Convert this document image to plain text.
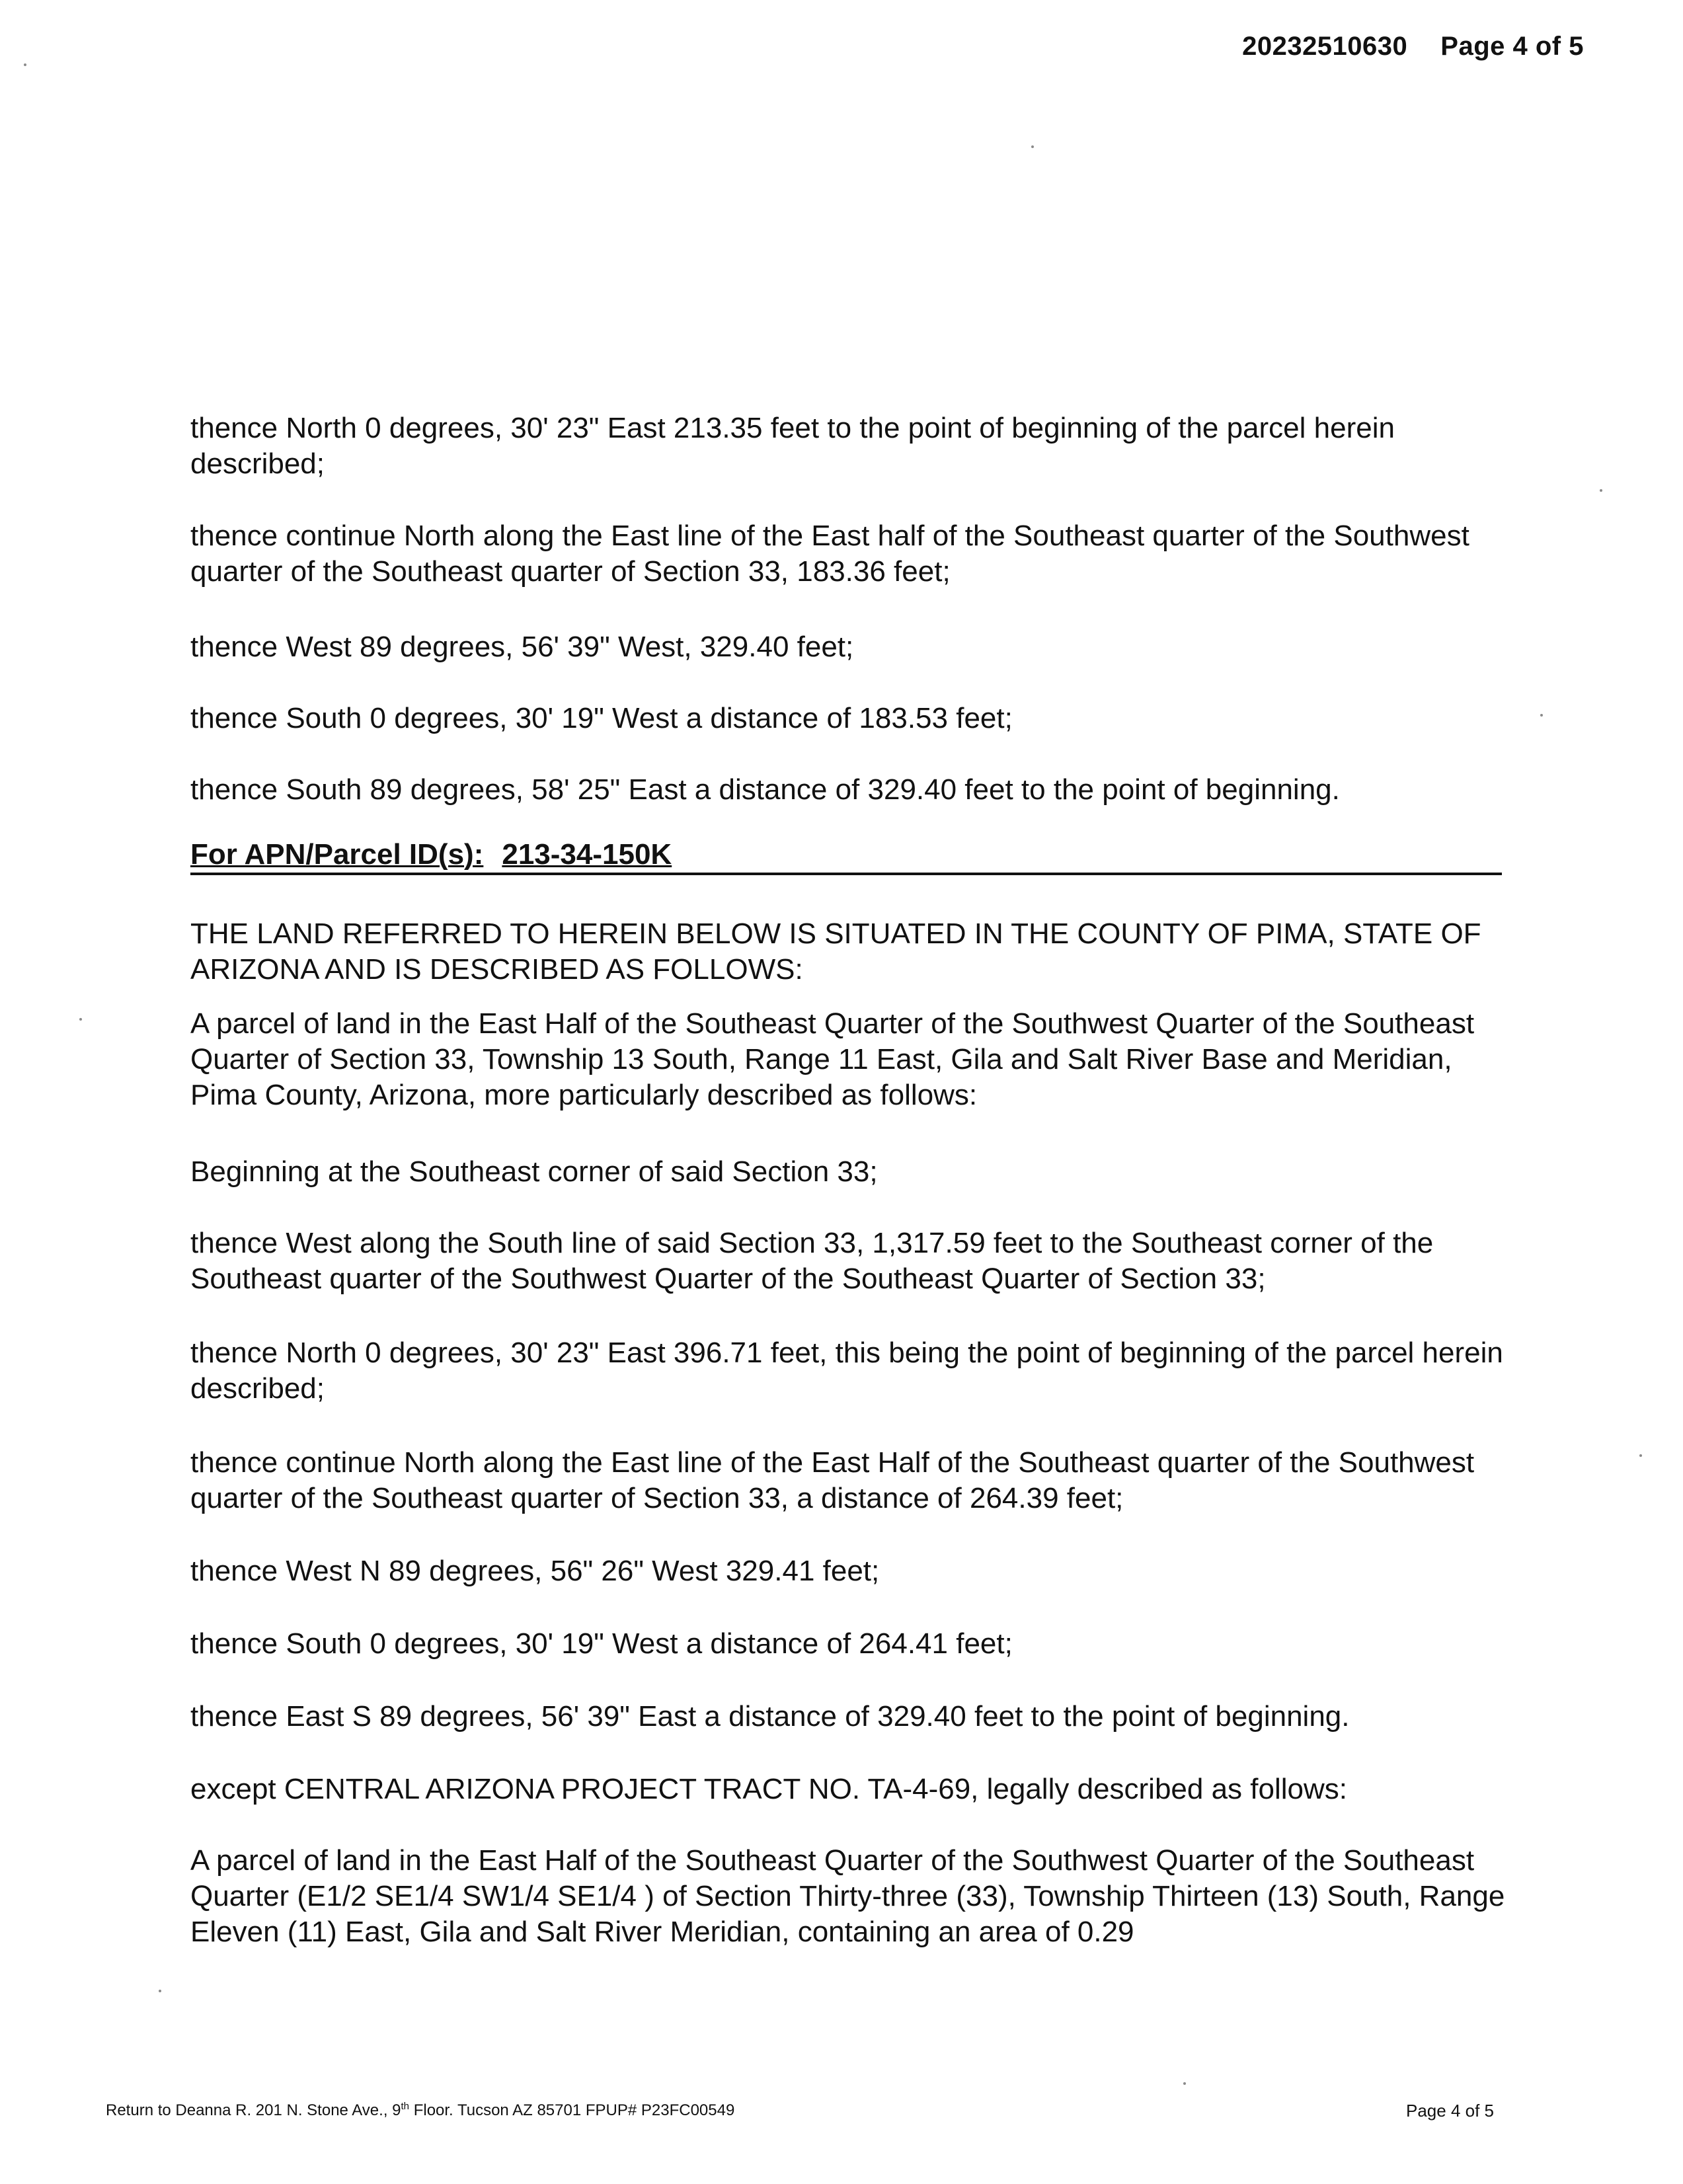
20232510630 Page 4 of 5

thence North 0 degrees, 30' 23" East 213.35 feet to the point of beginning of the parcel herein described;

thence continue North along the East line of the East half of the Southeast quarter of the Southwest quarter of the Southeast quarter of Section 33, 183.36 feet;

thence West 89 degrees, 56' 39" West, 329.40 feet;

thence South 0 degrees, 30' 19" West a distance of 183.53 feet;

thence South 89 degrees, 58' 25" East a distance of 329.40 feet to the point of beginning.

For APN/Parcel ID(s): 213-34-150K

THE LAND REFERRED TO HEREIN BELOW IS SITUATED IN THE COUNTY OF PIMA, STATE OF ARIZONA AND IS DESCRIBED AS FOLLOWS:

A parcel of land in the East Half of the Southeast Quarter of the Southwest Quarter of the Southeast Quarter of Section 33, Township 13 South, Range 11 East, Gila and Salt River Base and Meridian, Pima County, Arizona, more particularly described as follows:

Beginning at the Southeast corner of said Section 33;

thence West along the South line of said Section 33, 1,317.59 feet to the Southeast corner of the Southeast quarter of the Southwest Quarter of the Southeast Quarter of Section 33;

thence North 0 degrees, 30' 23" East 396.71 feet, this being the point of beginning of the parcel herein described;

thence continue North along the East line of the East Half of the Southeast quarter of the Southwest quarter of the Southeast quarter of Section 33, a distance of 264.39 feet;

thence West N 89 degrees, 56" 26" West 329.41 feet;

thence South 0 degrees, 30' 19" West a distance of 264.41 feet;

thence East S 89 degrees, 56' 39" East a distance of 329.40 feet to the point of beginning.

except CENTRAL ARIZONA PROJECT TRACT NO. TA-4-69, legally described as follows:

A parcel of land in the East Half of the Southeast Quarter of the Southwest Quarter of the Southeast Quarter (E1/2 SE1/4 SW1/4 SE1/4 ) of Section Thirty-three (33), Township Thirteen (13) South, Range Eleven (11) East, Gila and Salt River Meridian, containing an area of 0.29

Return to Deanna R. 201 N. Stone Ave., 9th Floor. Tucson AZ 85701 FPUP# P23FC00549	Page 4 of 5
